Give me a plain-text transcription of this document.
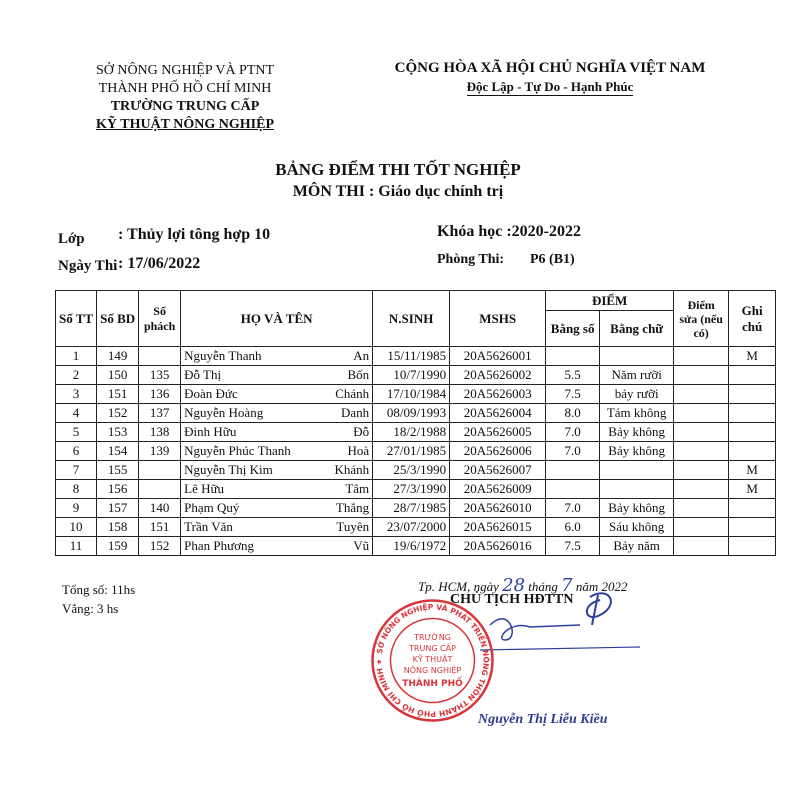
SỞ NÔNG NGHIỆP VÀ PTNT
THÀNH PHỐ HỒ CHÍ MINH
TRƯỜNG TRUNG CẤP
KỸ THUẬT NÔNG NGHIỆP
CỘNG HÒA XÃ HỘI CHỦ NGHĨA VIỆT NAM
Độc Lập - Tự Do - Hạnh Phúc
BẢNG ĐIỂM THI TỐT NGHIỆP
MÔN THI : Giáo dục chính trị
Lớp : Thủy lợi tông hợp 10
Ngày Thi : 17/06/2022
Khóa học :2020-2022
Phòng Thi: P6 (B1)
Số TT	Số BD	Số phách	HỌ VÀ TÊN		N.SINH	MSHS	ĐIỂM		Điểm sửa (nếu có)	Ghi chú
							Bằng số	Bằng chữ		
1	149		Nguyễn Thanh	An	15/11/1985	20A5626001				M
2	150	135	Đỗ Thị	Bốn	10/7/1990	20A5626002	5.5	Năm rưỡi		
3	151	136	Đoàn Đức	Chánh	17/10/1984	20A5626003	7.5	bảy rưỡi		
4	152	137	Nguyễn Hoàng	Danh	08/09/1993	20A5626004	8.0	Tám không		
5	153	138	Đinh Hữu	Đỗ	18/2/1988	20A5626005	7.0	Bảy không		
6	154	139	Nguyễn Phúc Thanh	Hoà	27/01/1985	20A5626006	7.0	Bảy không		
7	155		Nguyễn Thị Kim	Khánh	25/3/1990	20A5626007				M
8	156		Lê Hữu	Tâm	27/3/1990	20A5626009				M
9	157	140	Phạm Quý	Thắng	28/7/1985	20A5626010	7.0	Bảy không		
10	158	151	Trần Văn	Tuyên	23/07/2000	20A5626015	6.0	Sáu không		
11	159	152	Phan Phương	Vũ	19/6/1972	20A5626016	7.5	Bảy năm		
Tổng số: 11hs
Vắng: 3 hs
Tp. HCM, ngày 28 tháng 7 năm 2022
CHỦ TỊCH HĐTTN
SỞ NÔNG NGHIỆP VÀ PHÁT TRIỂN NÔNG THÔN THÀNH PHỐ HỒ CHÍ MINH ★
TRƯỜNG
TRUNG CẤP
KỸ THUẬT
NÔNG NGHIỆP
THÀNH PHỐ
Nguyễn Thị Liễu Kiều
